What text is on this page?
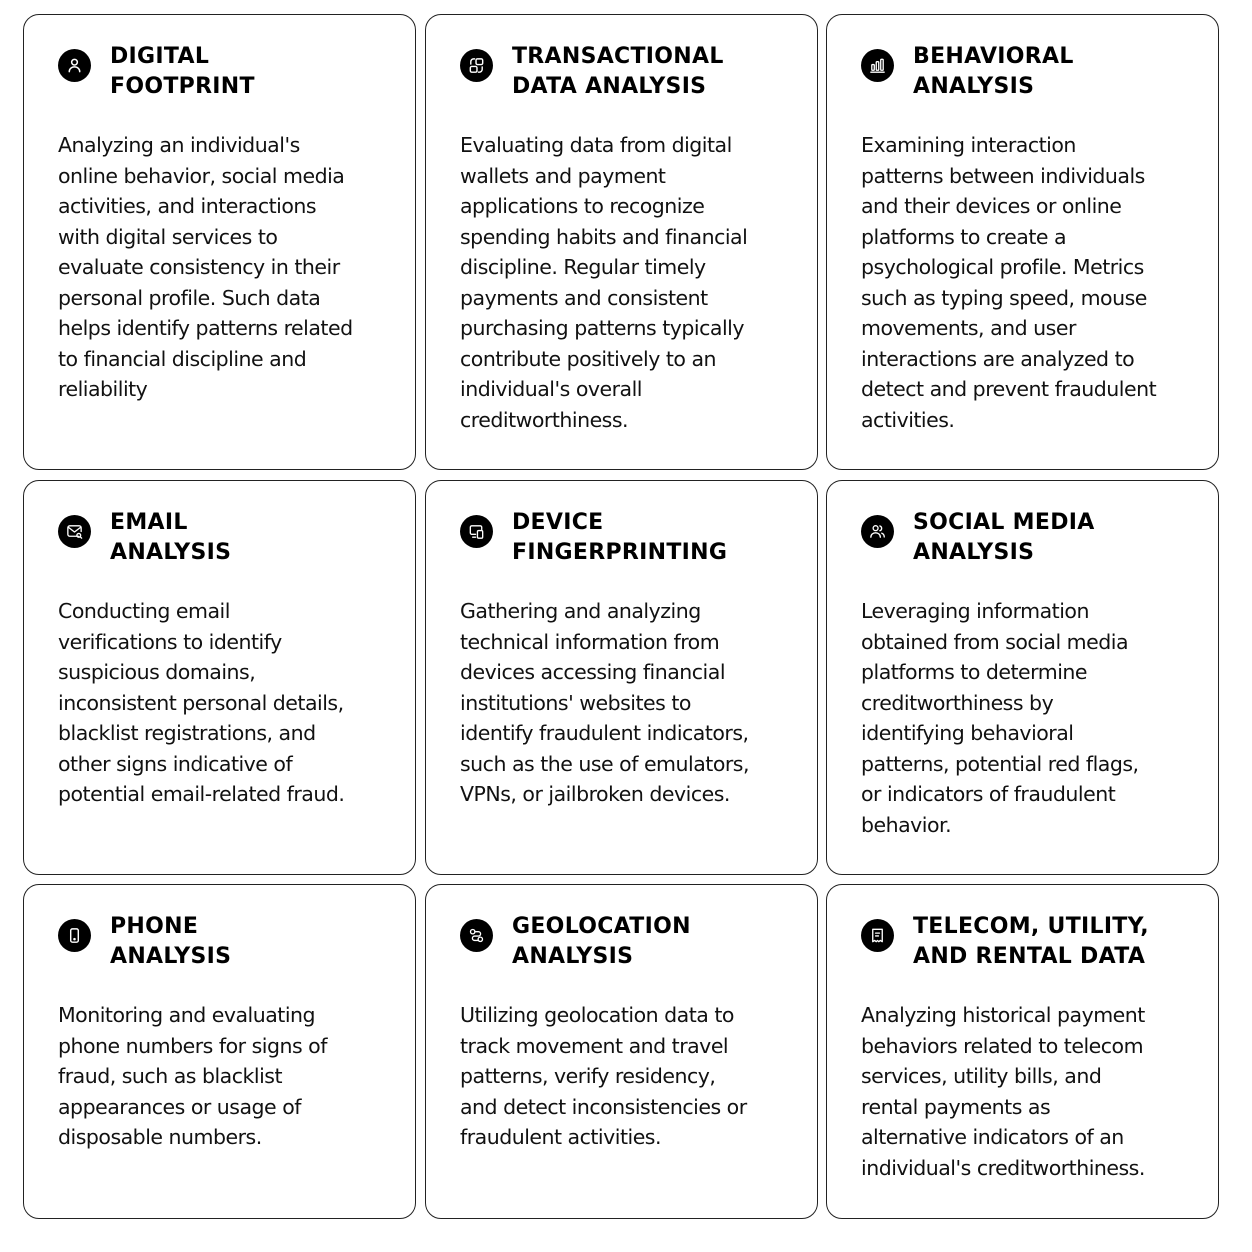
DIGITAL
FOOTPRINT

Analyzing an individual's
online behavior, social media
activities, and interactions
with digital services to
evaluate consistency in their
personal profile. Such data
helps identify patterns related
to financial discipline and
reliability

TRANSACTIONAL
DATA ANALYSIS

Evaluating data from digital
wallets and payment
applications to recognize
spending habits and financial
discipline. Regular timely
payments and consistent
purchasing patterns typically
contribute positively to an
individual's overall
creditworthiness.

BEHAVIORAL
ANALYSIS

Examining interaction
patterns between individuals
and their devices or online
platforms to create a
psychological profile. Metrics
such as typing speed, mouse
movements, and user
interactions are analyzed to
detect and prevent fraudulent
activities.

EMAIL
ANALYSIS

Conducting email
verifications to identify
suspicious domains,
inconsistent personal details,
blacklist registrations, and
other signs indicative of
potential email-related fraud.

DEVICE
FINGERPRINTING

Gathering and analyzing
technical information from
devices accessing financial
institutions' websites to
identify fraudulent indicators,
such as the use of emulators,
VPNs, or jailbroken devices.

SOCIAL MEDIA
ANALYSIS

Leveraging information
obtained from social media
platforms to determine
creditworthiness by
identifying behavioral
patterns, potential red flags,
or indicators of fraudulent
behavior.

PHONE
ANALYSIS

Monitoring and evaluating
phone numbers for signs of
fraud, such as blacklist
appearances or usage of
disposable numbers.

GEOLOCATION
ANALYSIS

Utilizing geolocation data to
track movement and travel
patterns, verify residency,
and detect inconsistencies or
fraudulent activities.

TELECOM, UTILITY,
AND RENTAL DATA

Analyzing historical payment
behaviors related to telecom
services, utility bills, and
rental payments as
alternative indicators of an
individual's creditworthiness.
